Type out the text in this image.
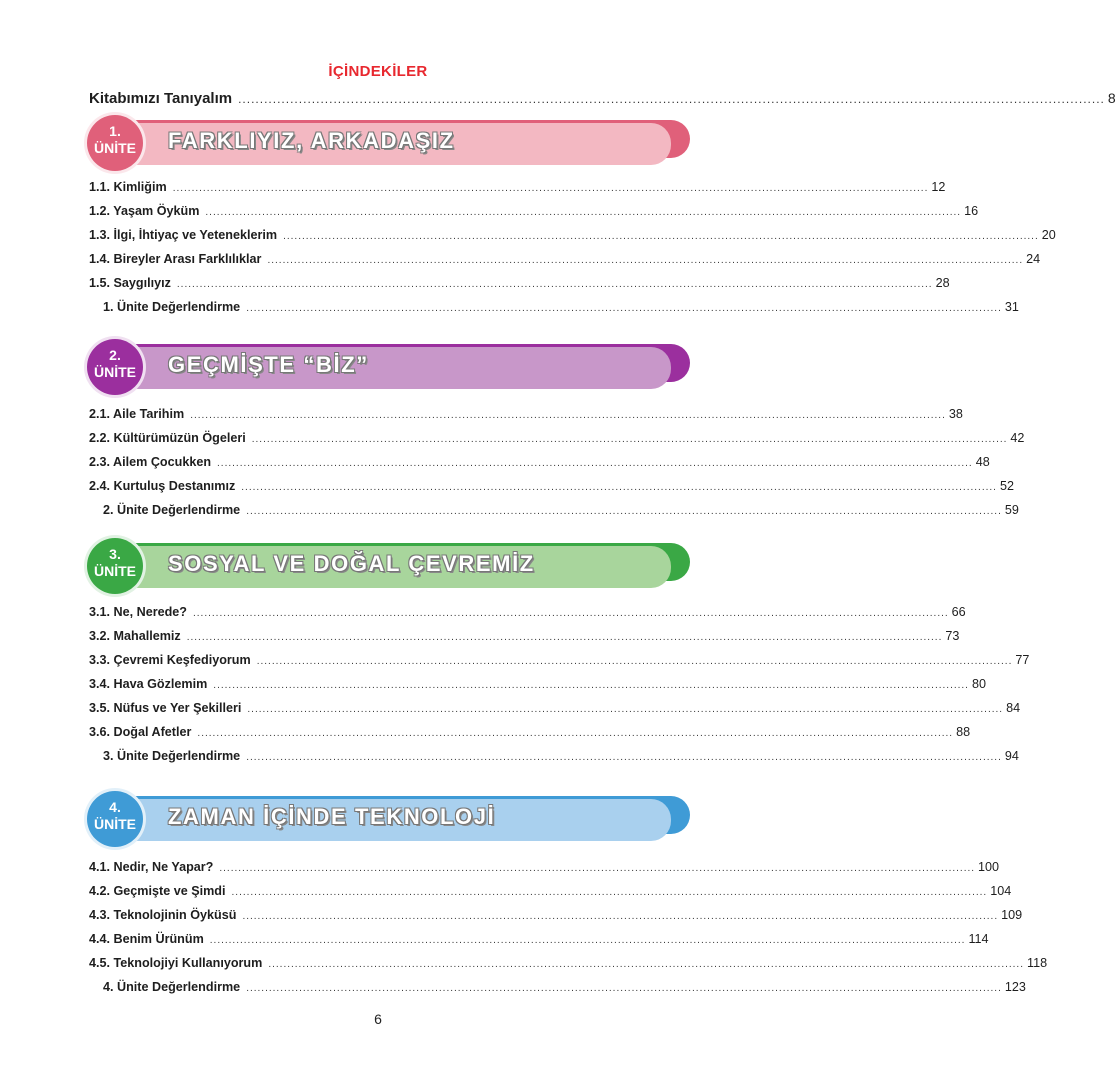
İÇİNDEKİLER
Kitabımızı Tanıyalım ........................................................................................................................................................................................................ 8
1.
ÜNİTE	FARKLIYIZ, ARKADAŞIZ
1.1. Kimliğim ........................................................................................................................................................................................................ 12
1.2. Yaşam Öyküm ........................................................................................................................................................................................................ 16
1.3. İlgi, İhtiyaç ve Yeteneklerim ........................................................................................................................................................................................................ 20
1.4. Bireyler Arası Farklılıklar ........................................................................................................................................................................................................ 24
1.5. Saygılıyız ........................................................................................................................................................................................................ 28
1. Ünite Değerlendirme ........................................................................................................................................................................................................ 31
2.
ÜNİTE	GEÇMİŞTE “BİZ”
2.1. Aile Tarihim ........................................................................................................................................................................................................ 38
2.2. Kültürümüzün Ögeleri ........................................................................................................................................................................................................ 42
2.3. Ailem Çocukken ........................................................................................................................................................................................................ 48
2.4. Kurtuluş Destanımız ........................................................................................................................................................................................................ 52
2. Ünite Değerlendirme ........................................................................................................................................................................................................ 59
3.
ÜNİTE	SOSYAL VE DOĞAL ÇEVREMİZ
3.1. Ne, Nerede? ........................................................................................................................................................................................................ 66
3.2. Mahallemiz ........................................................................................................................................................................................................ 73
3.3. Çevremi Keşfediyorum ........................................................................................................................................................................................................ 77
3.4. Hava Gözlemim ........................................................................................................................................................................................................ 80
3.5. Nüfus ve Yer Şekilleri ........................................................................................................................................................................................................ 84
3.6. Doğal Afetler ........................................................................................................................................................................................................ 88
3. Ünite Değerlendirme ........................................................................................................................................................................................................ 94
4.
ÜNİTE	ZAMAN İÇİNDE TEKNOLOJİ
4.1. Nedir, Ne Yapar? ........................................................................................................................................................................................................ 100
4.2. Geçmişte ve Şimdi ........................................................................................................................................................................................................ 104
4.3. Teknolojinin Öyküsü ........................................................................................................................................................................................................ 109
4.4. Benim Ürünüm ........................................................................................................................................................................................................ 114
4.5. Teknolojiyi Kullanıyorum ........................................................................................................................................................................................................ 118
4. Ünite Değerlendirme ........................................................................................................................................................................................................ 123
6
